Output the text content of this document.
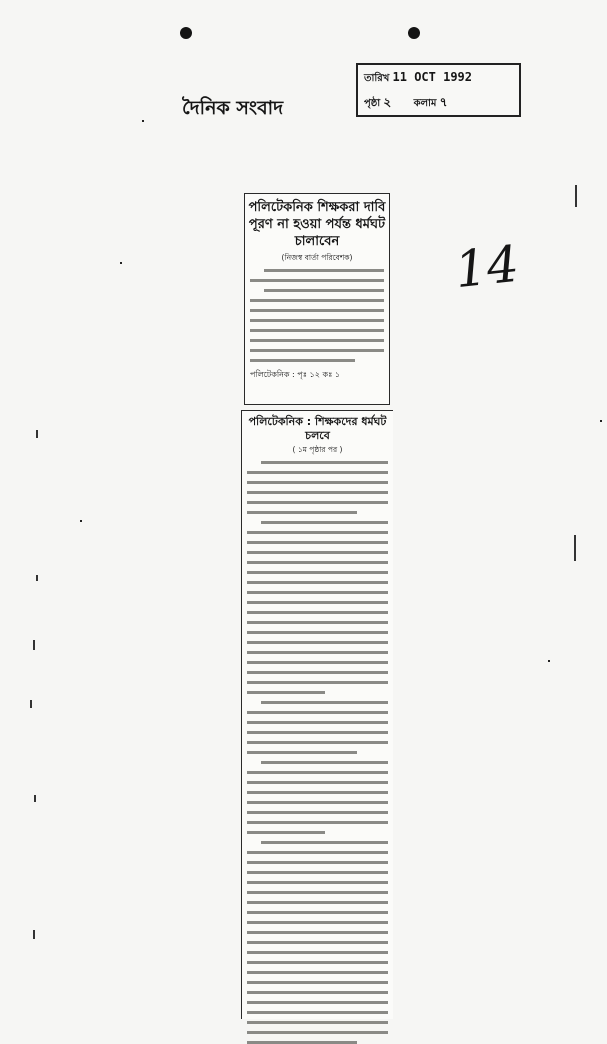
দৈনিক সংবাদ
তারিখ 11 OCT 1992
পৃষ্ঠা ২ কলাম ৭
14
পলিটেকনিক শিক্ষকরা দাবি পূরণ না হওয়া পর্যন্ত ধর্মঘট চালাবেন
(নিজস্ব বার্তা পরিবেশক)
পলিটেকনিক : পৃঃ ১২ কঃ ১
পলিটেকনিক : শিক্ষকদের ধর্মঘট চলবে
( ১ম পৃষ্ঠার পর )
